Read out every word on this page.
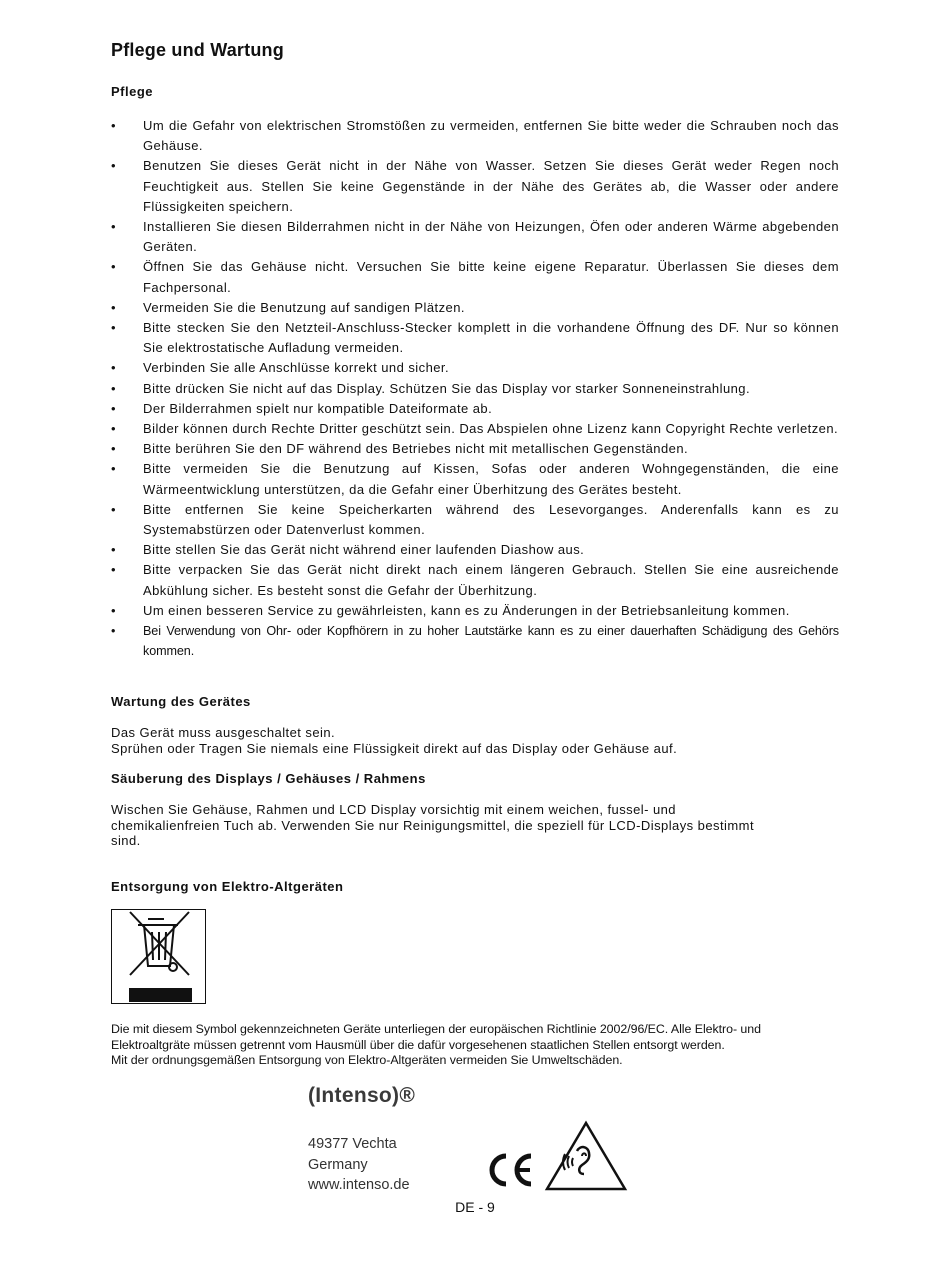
Pflege und Wartung
Pflege
• Um die Gefahr von elektrischen Stromstößen zu vermeiden, entfernen Sie bitte weder die Schrauben noch das Gehäuse.
• Benutzen Sie dieses Gerät nicht in der Nähe von Wasser. Setzen Sie dieses Gerät weder Regen noch Feuchtigkeit aus. Stellen Sie keine Gegenstände in der Nähe des Gerätes ab, die Wasser oder andere Flüssigkeiten speichern.
• Installieren Sie diesen Bilderrahmen nicht in der Nähe von Heizungen, Öfen oder anderen Wärme abgebenden Geräten.
• Öffnen Sie das Gehäuse nicht. Versuchen Sie bitte keine eigene Reparatur. Überlassen Sie dieses dem Fachpersonal.
• Vermeiden Sie die Benutzung auf sandigen Plätzen.
• Bitte stecken Sie den Netzteil-Anschluss-Stecker komplett in die vorhandene Öffnung des DF. Nur so können Sie elektrostatische Aufladung vermeiden.
• Verbinden Sie alle Anschlüsse korrekt und sicher.
• Bitte drücken Sie nicht auf das Display. Schützen Sie das Display vor starker Sonneneinstrahlung.
• Der Bilderrahmen spielt nur kompatible Dateiformate ab.
• Bilder können durch Rechte Dritter geschützt sein. Das Abspielen ohne Lizenz kann Copyright Rechte verletzen.
• Bitte berühren Sie den DF während des Betriebes nicht mit metallischen Gegenständen.
• Bitte vermeiden Sie die Benutzung auf Kissen, Sofas oder anderen Wohngegenständen, die eine Wärmeentwicklung unterstützen, da die Gefahr einer Überhitzung des Gerätes besteht.
• Bitte entfernen Sie keine Speicherkarten während des Lesevorganges. Anderenfalls kann es zu Systemabstürzen oder Datenverlust kommen.
• Bitte stellen Sie das Gerät nicht während einer laufenden Diashow aus.
• Bitte verpacken Sie das Gerät nicht direkt nach einem längeren Gebrauch. Stellen Sie eine ausreichende Abkühlung sicher. Es besteht sonst die Gefahr der Überhitzung.
• Um einen besseren Service zu gewährleisten, kann es zu Änderungen in der Betriebsanleitung kommen.
• Bei Verwendung von Ohr- oder Kopfhörern in zu hoher Lautstärke kann es zu einer dauerhaften Schädigung des Gehörs kommen.
Wartung des Gerätes
Das Gerät muss ausgeschaltet sein.
Sprühen oder Tragen Sie niemals eine Flüssigkeit direkt auf das Display oder Gehäuse auf.
Säuberung des Displays / Gehäuses / Rahmens
Wischen Sie Gehäuse, Rahmen und LCD Display vorsichtig mit einem weichen, fussel- und
chemikalienfreien Tuch ab. Verwenden Sie nur Reinigungsmittel, die speziell für LCD-Displays bestimmt
sind.
Entsorgung von Elektro-Altgeräten
Die mit diesem Symbol gekennzeichneten Geräte unterliegen der europäischen Richtlinie 2002/96/EC. Alle Elektro- und
Elektroaltgräte müssen getrennt vom Hausmüll über die dafür vorgesehenen staatlichen Stellen entsorgt werden.
Mit der ordnungsgemäßen Entsorgung von Elektro-Altgeräten vermeiden Sie Umweltschäden.
(Intenso)®
49377 Vechta
Germany
www.intenso.de
DE - 9
